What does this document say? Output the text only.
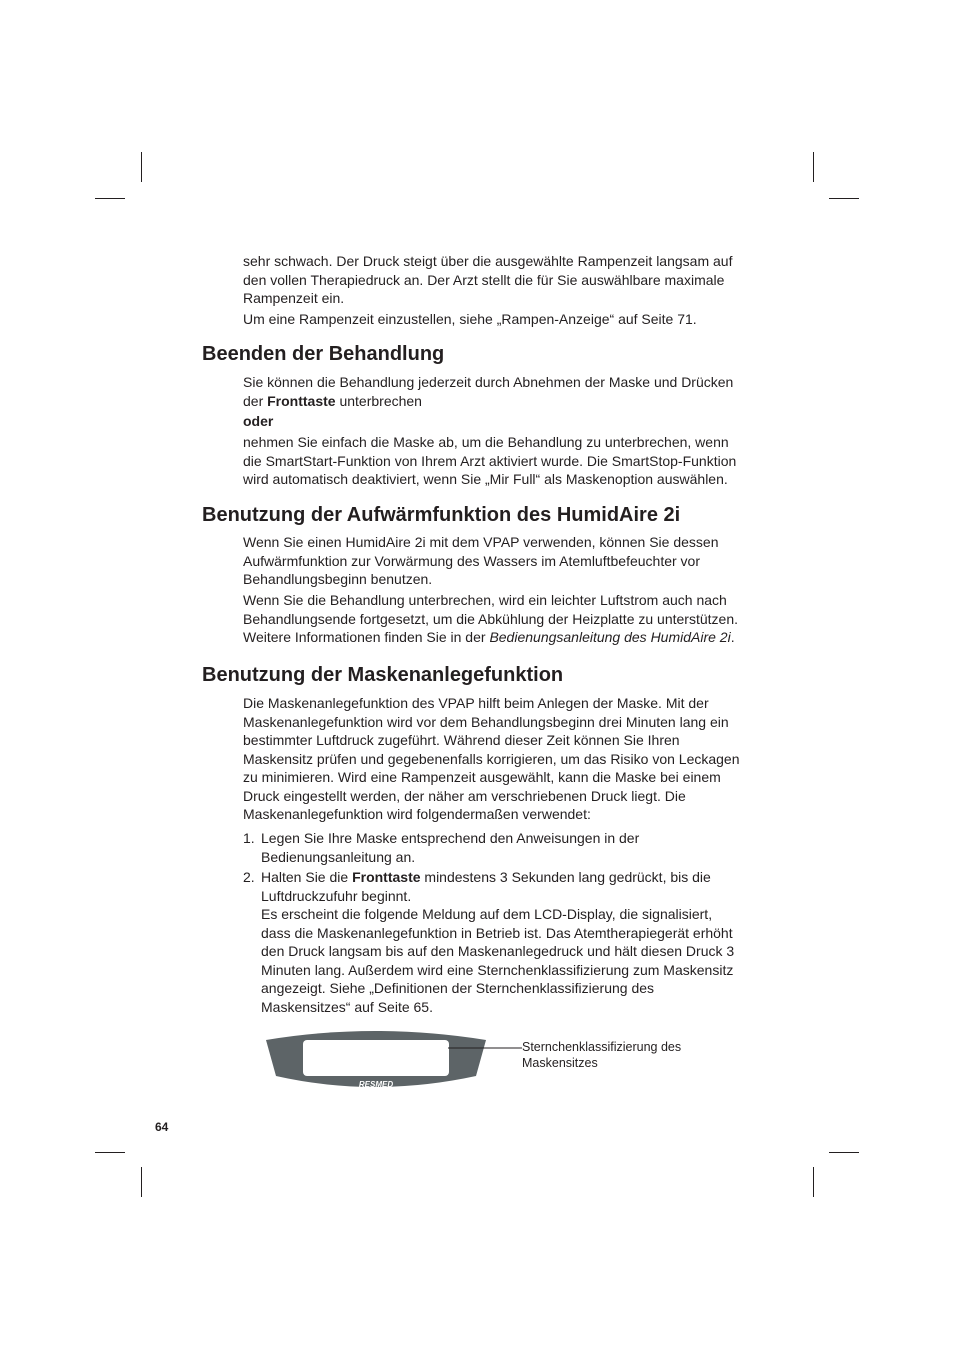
sehr schwach. Der Druck steigt über die ausgewählte Rampenzeit langsam auf
den vollen Therapiedruck an. Der Arzt stellt die für Sie auswählbare maximale
Rampenzeit ein.
Um eine Rampenzeit einzustellen, siehe „Rampen-Anzeige“ auf Seite 71.
Beenden der Behandlung
Sie können die Behandlung jederzeit durch Abnehmen der Maske und Drücken
der Fronttaste unterbrechen
oder
nehmen Sie einfach die Maske ab, um die Behandlung zu unterbrechen, wenn
die SmartStart-Funktion von Ihrem Arzt aktiviert wurde. Die SmartStop-Funktion
wird automatisch deaktiviert, wenn Sie „Mir Full“ als Maskenoption auswählen.
Benutzung der Aufwärmfunktion des HumidAire 2i
Wenn Sie einen HumidAire 2i mit dem VPAP verwenden, können Sie dessen
Aufwärmfunktion zur Vorwärmung des Wassers im Atemluftbefeuchter vor
Behandlungsbeginn benutzen.
Wenn Sie die Behandlung unterbrechen, wird ein leichter Luftstrom auch nach
Behandlungsende fortgesetzt, um die Abkühlung der Heizplatte zu unterstützen.
Weitere Informationen finden Sie in der Bedienungsanleitung des HumidAire 2i.
Benutzung der Maskenanlegefunktion
Die Maskenanlegefunktion des VPAP hilft beim Anlegen der Maske. Mit der
Maskenanlegefunktion wird vor dem Behandlungsbeginn drei Minuten lang ein
bestimmter Luftdruck zugeführt. Während dieser Zeit können Sie Ihren
Maskensitz prüfen und gegebenenfalls korrigieren, um das Risiko von Leckagen
zu minimieren. Wird eine Rampenzeit ausgewählt, kann die Maske bei einem
Druck eingestellt werden, der näher am verschriebenen Druck liegt. Die
Maskenanlegefunktion wird folgendermaßen verwendet:
1. Legen Sie Ihre Maske entsprechend den Anweisungen in der
Bedienungsanleitung an.
2. Halten Sie die Fronttaste mindestens 3 Sekunden lang gedrückt, bis die
Luftdruckzufuhr beginnt.
Es erscheint die folgende Meldung auf dem LCD-Display, die signalisiert,
dass die Maskenanlegefunktion in Betrieb ist. Das Atemtherapiegerät erhöht
den Druck langsam bis auf den Maskenanlegedruck und hält diesen Druck 3
Minuten lang. Außerdem wird eine Sternchenklassifizierung zum Maskensitz
angezeigt. Siehe „Definitionen der Sternchenklassifizierung des
Maskensitzes“ auf Seite 65.
RESMED
Sternchenklassifizierung des
Maskensitzes
64
